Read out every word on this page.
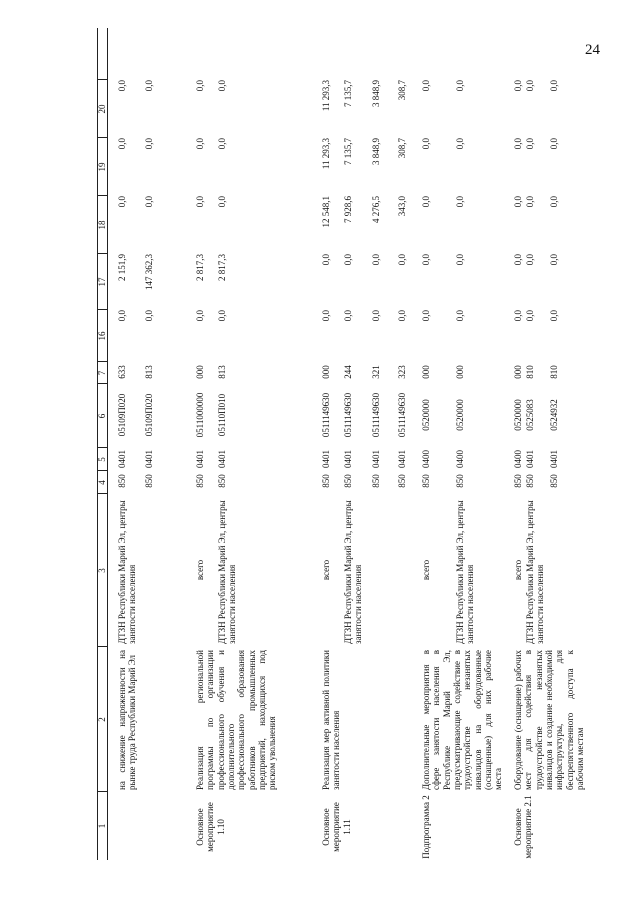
24
1
2
3
4
5
6
7
16
17
18
19
20
на снижение напряженности на рынке труда Республики Марий Эл
ДТЗН Республики Марий Эл, центры занятости населения
850
0401
05109П020
633
0,0
2 151,9
0,0
0,0
0,0
850
0401
05109П020
813
0,0
147 362,3
0,0
0,0
0,0
Основное мероприятие 1.10
Реализация региональной программы по организации профессионального обучения и дополнительного профессионального образования работников промышленных предприятий, находящихся под риском увольнения
всего
850
0401
0511000000
000
0,0
2 817,3
0,0
0,0
0,0
ДТЗН Республики Марий Эл, центры занятости населения
850
0401
05110П010
813
0,0
2 817,3
0,0
0,0
0,0
Основное мероприятие 1.11
Реализация мер активной политики занятости населения
всего
850
0401
0511149630
000
0,0
0,0
12 548,1
11 293,3
11 293,3
ДТЗН Республики Марий Эл, центры занятости населения
850
0401
0511149630
244
0,0
0,0
7 928,6
7 135,7
7 135,7
850
0401
0511149630
321
0,0
0,0
4 276,5
3 848,9
3 848,9
850
0401
0511149630
323
0,0
0,0
343,0
308,7
308,7
Подпрограмма 2
Дополнительные мероприятия в сфере занятости населения в Республике Марий Эл, предусматривающие содействие в трудоустройстве незанятых инвалидов на оборудованные (оснащенные) для них рабочие места
всего
850
0400
0520000
000
0,0
0,0
0,0
0,0
0,0
ДТЗН Республики Марий Эл, центры занятости населения
850
0400
0520000
000
0,0
0,0
0,0
0,0
0,0
Основное мероприятие 2.1
Оборудование (оснащение) рабочих мест для содействия в трудоустройстве незанятых инвалидов и создание необходимой инфраструктуры, для беспрепятственного доступа к рабочим местам
всего
850
0400
0520000
000
0,0
0,0
0,0
0,0
0,0
ДТЗН Республики Марий Эл, центры занятости населения
850
0401
0525083
810
0,0
0,0
0,0
0,0
0,0
850
0401
0524932
810
0,0
0,0
0,0
0,0
0,0
